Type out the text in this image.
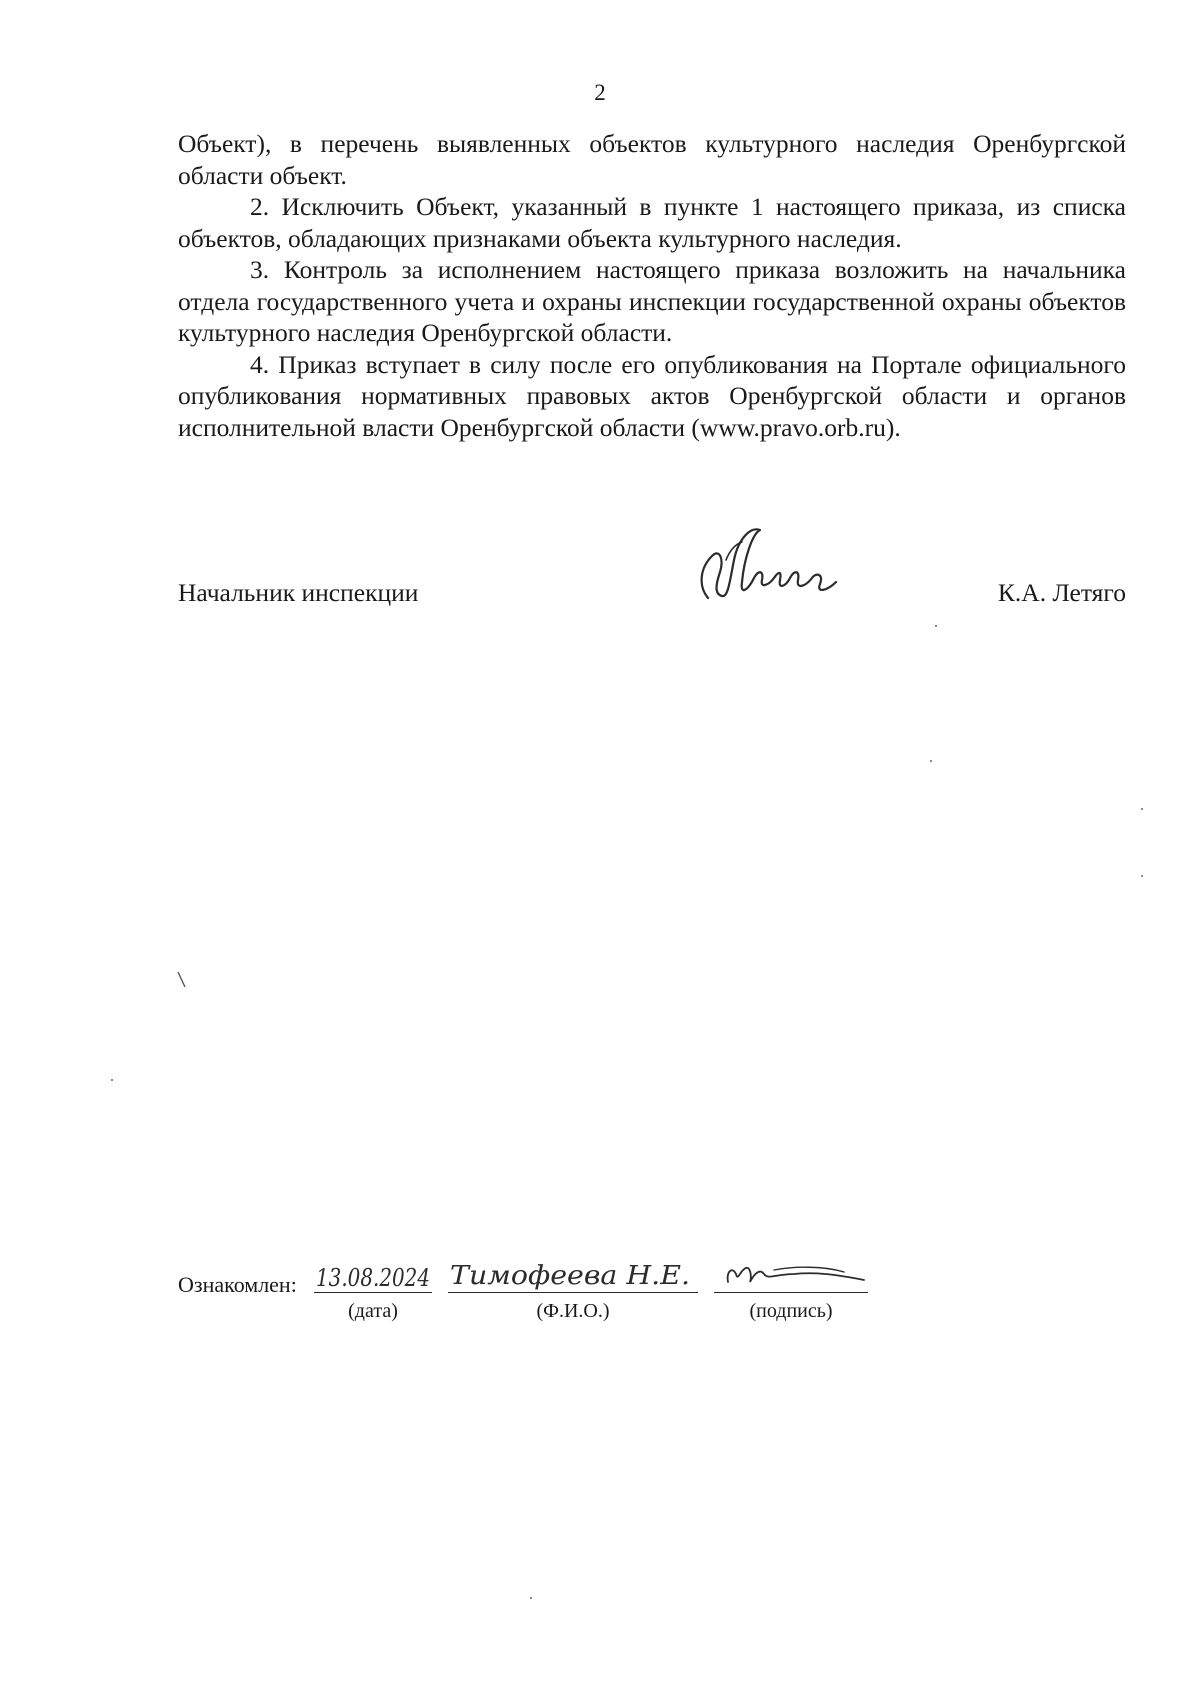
2

Объект), в перечень выявленных объектов культурного наследия Оренбургской области объект.

2. Исключить Объект, указанный в пункте 1 настоящего приказа, из списка объектов, обладающих признаками объекта культурного наследия.

3. Контроль за исполнением настоящего приказа возложить на начальника отдела государственного учета и охраны инспекции государственной охраны объектов культурного наследия Оренбургской области.

4. Приказ вступает в силу после его опубликования на Портале официального опубликования нормативных правовых актов Оренбургской области и органов исполнительной власти Оренбургской области (www.pravo.orb.ru).

Начальник инспекции	К.А. Летяго
Ознакомлен: 13.08.2024
(дата)
Тимофеева Н.Е.
(Ф.И.О.)	(подпись)
